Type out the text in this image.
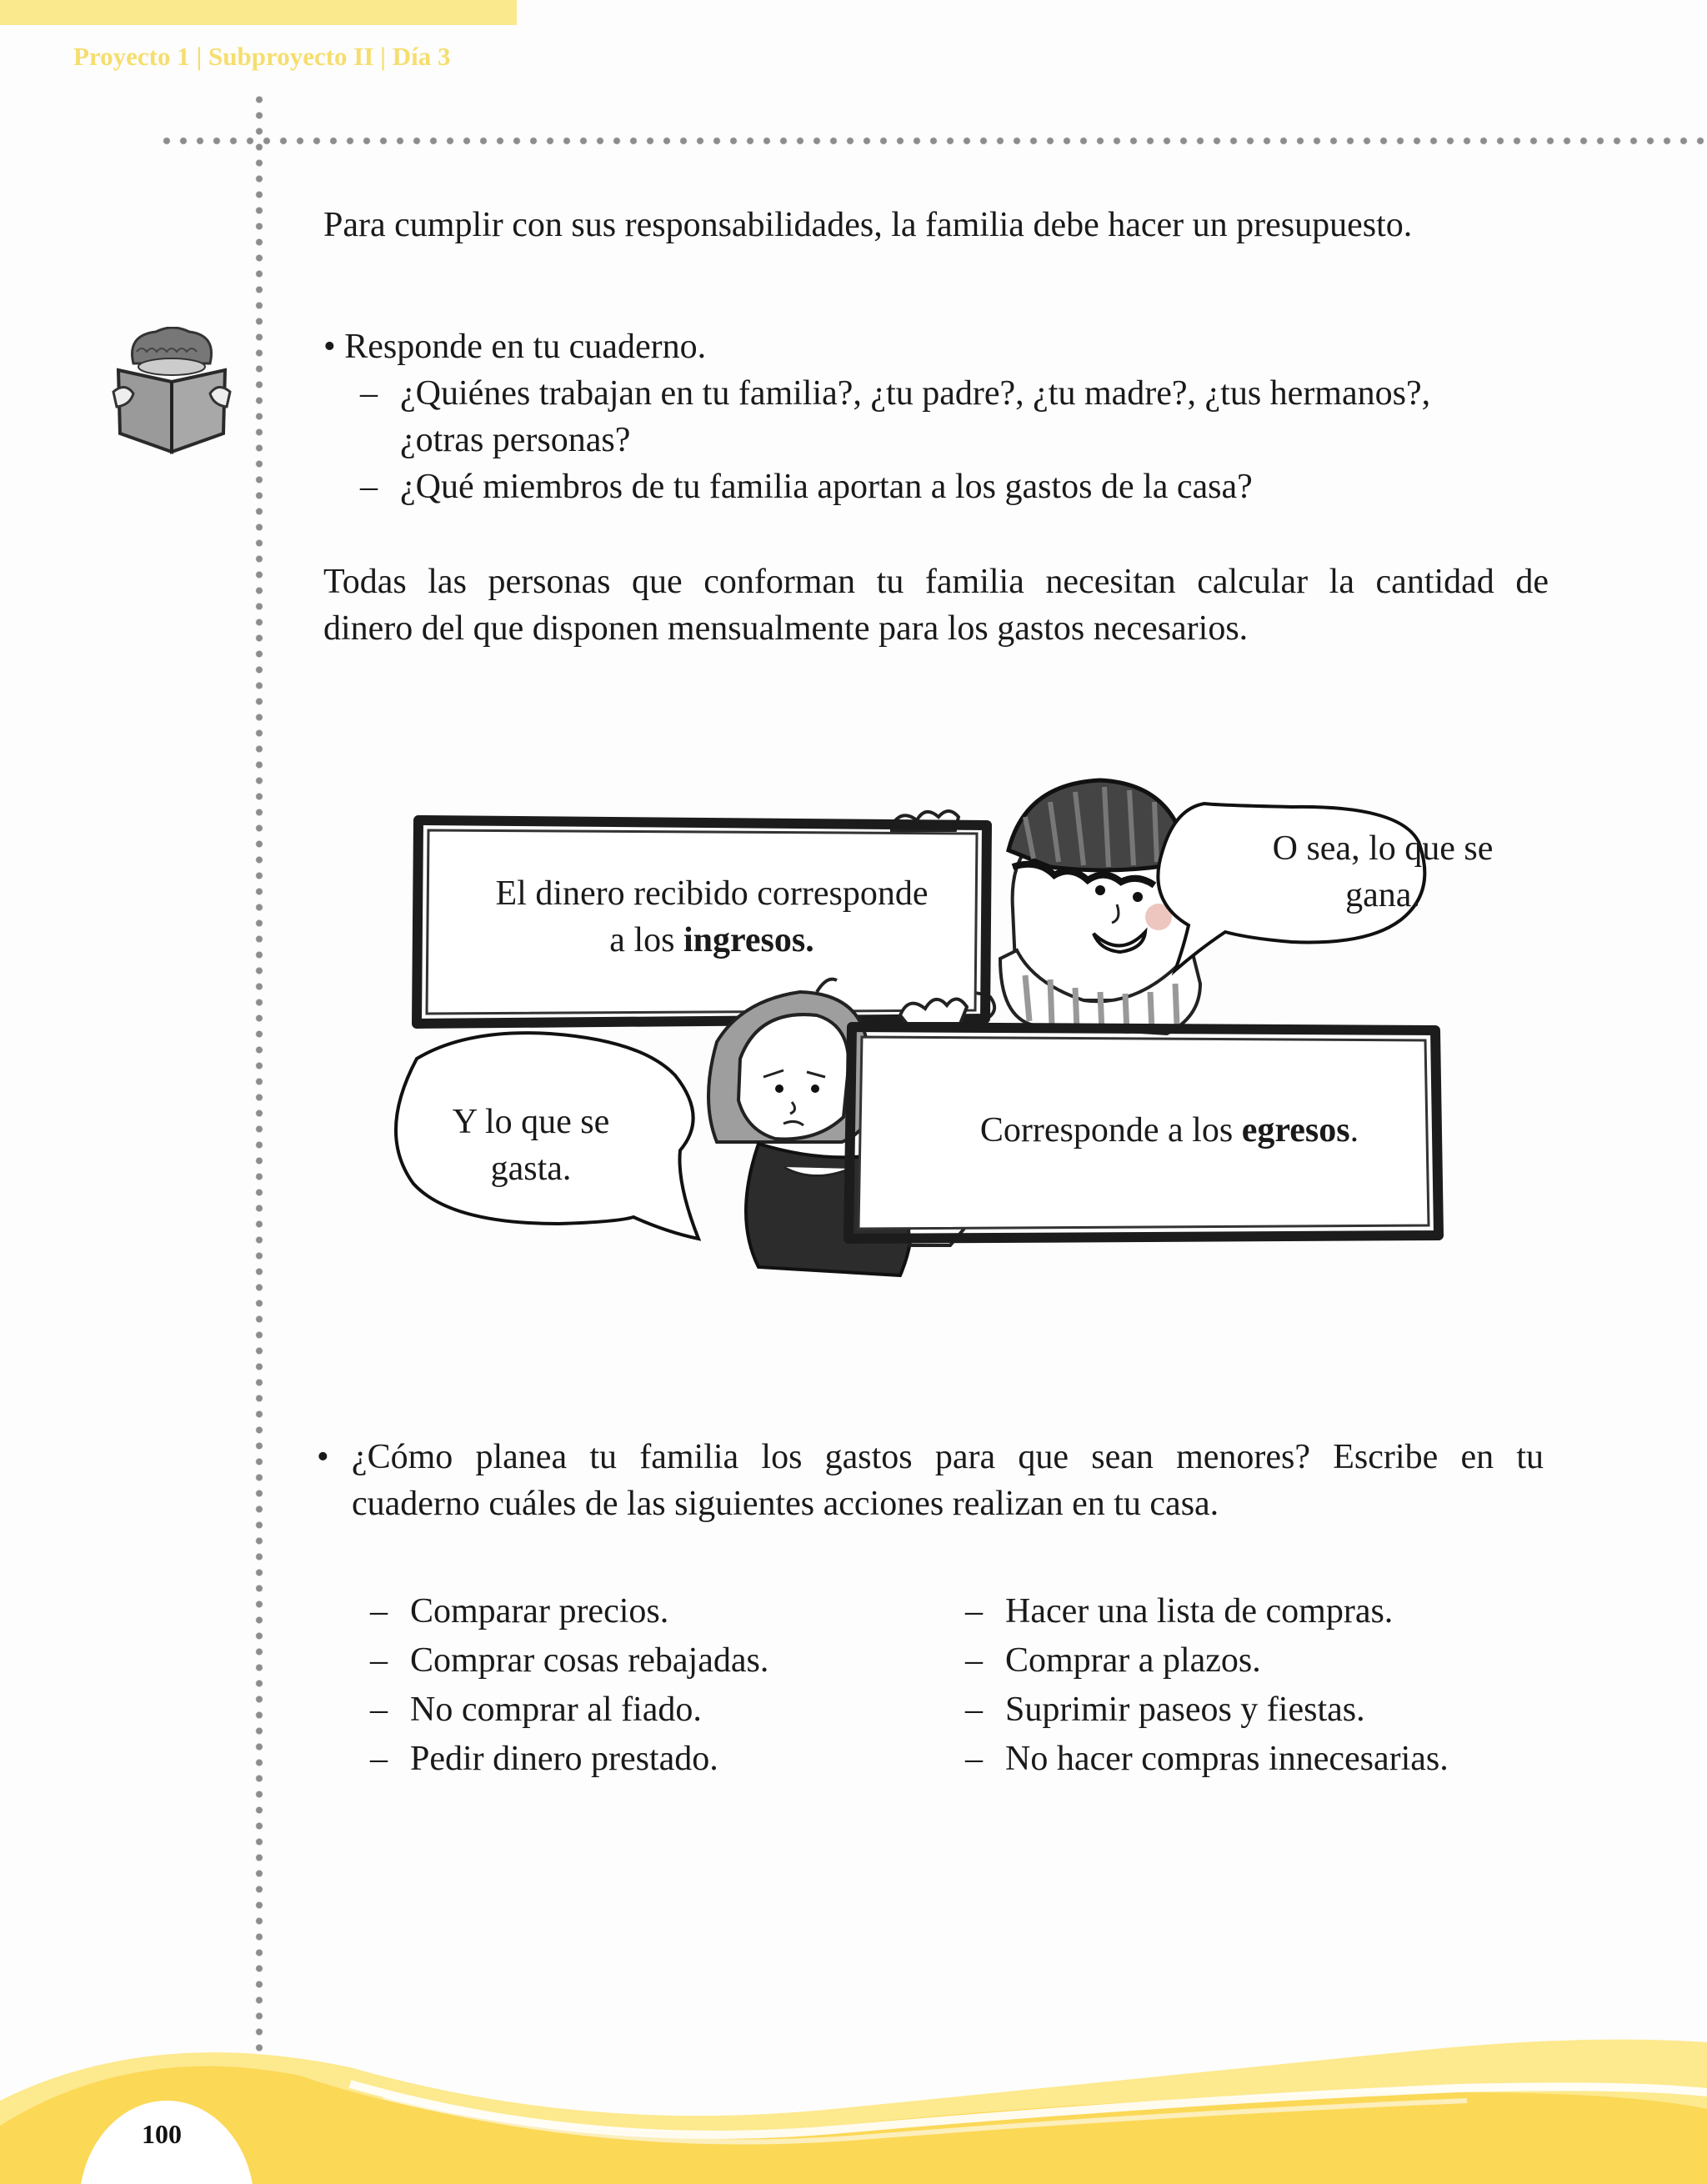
Proyecto 1 | Subproyecto II | Día 3
Para cumplir con sus responsabilidades, la familia debe hacer un presupuesto.
• Responde en tu cuaderno.
– ¿Quiénes trabajan en tu familia?, ¿tu padre?, ¿tu madre?, ¿tus hermanos?,
¿otras personas?
– ¿Qué miembros de tu familia aportan a los gastos de la casa?
Todas las personas que conforman tu familia necesitan calcular la cantidad de
dinero del que disponen mensualmente para los gastos necesarios.
El dinero recibido corresponde
a los ingresos.
O sea, lo que se
gana.
Y lo que se
gasta.
Corresponde a los egresos.
• ¿Cómo planea tu familia los gastos para que sean menores? Escribe en tu
cuaderno cuáles de las siguientes acciones realizan en tu casa.
– Comparar precios.
– Comprar cosas rebajadas.
– No comprar al fiado.
– Pedir dinero prestado.
– Hacer una lista de compras.
– Comprar a plazos.
– Suprimir paseos y fiestas.
– No hacer compras innecesarias.
100
